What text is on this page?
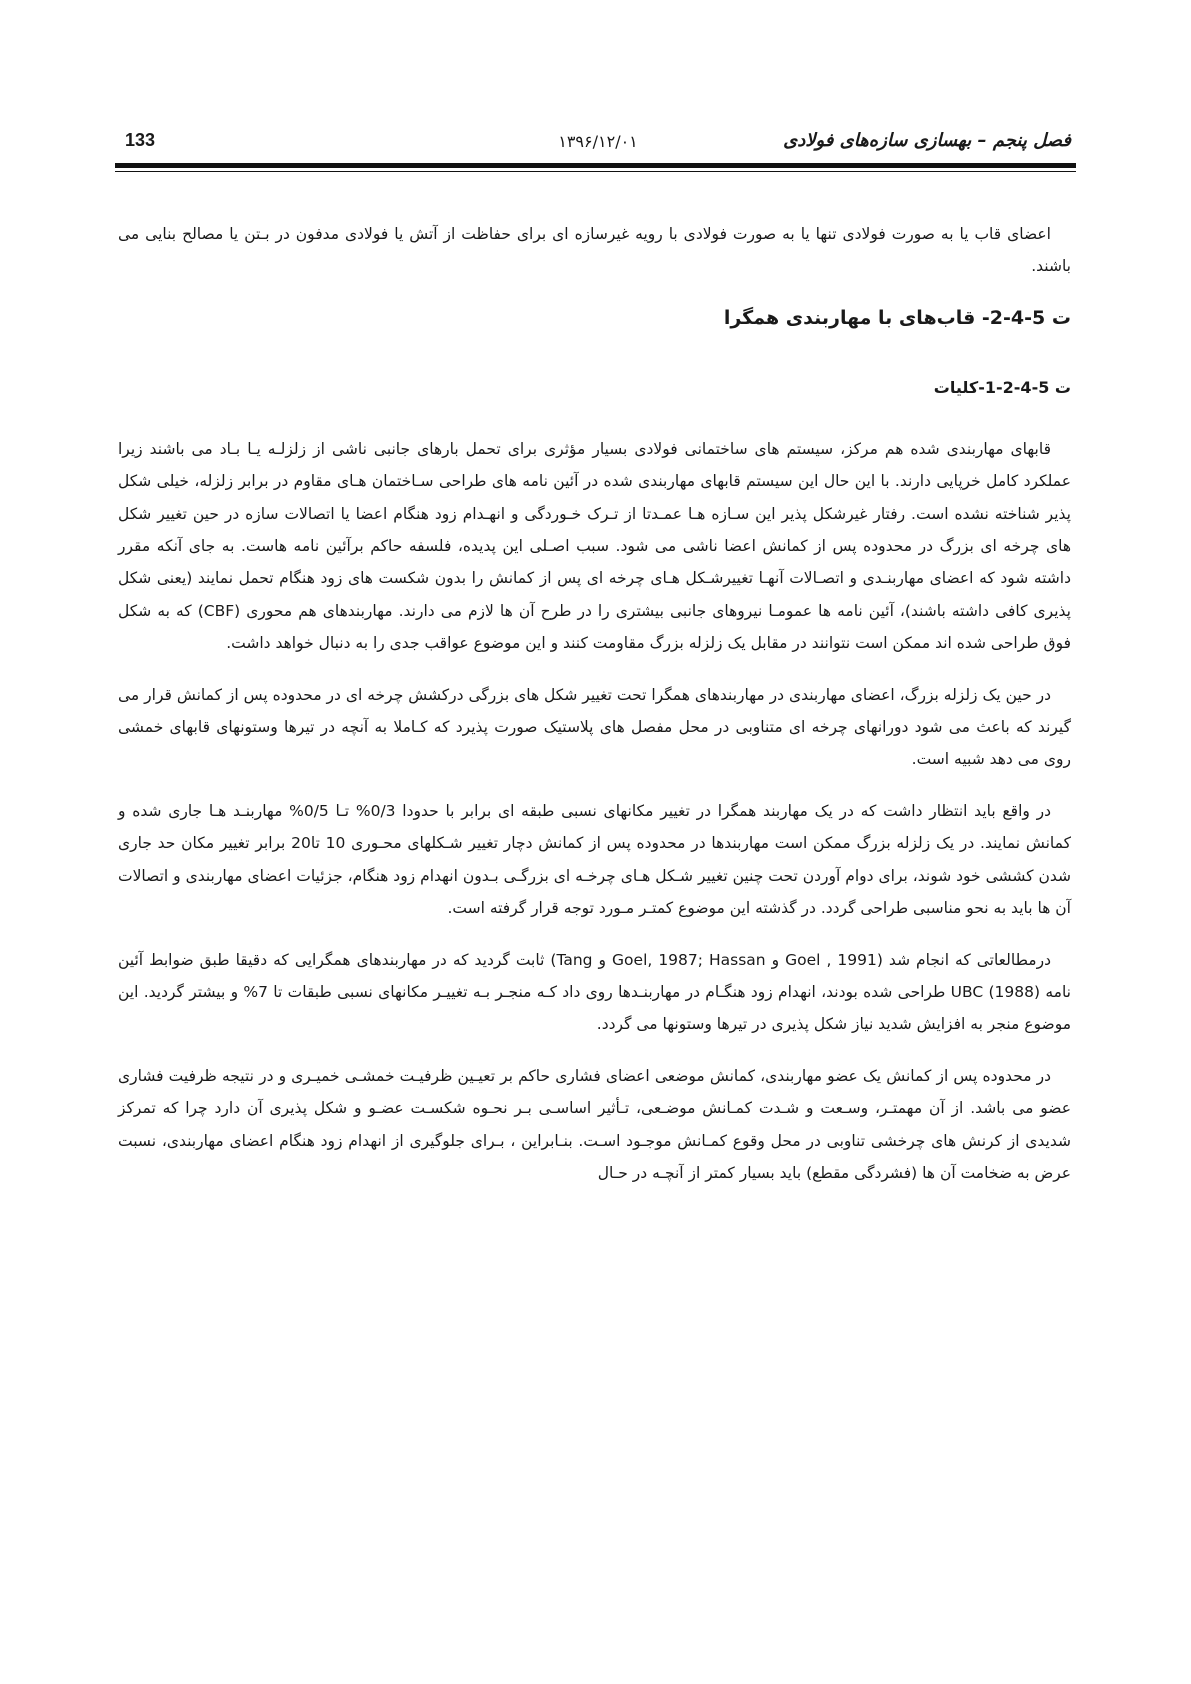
فصل پنجم – بهسازی سازه‌های فولادی
۱۳۹۶/۱۲/۰۱
133

اعضای قاب یا به صورت فولادی تنها یا به صورت فولادی با رویه غیرسازه ای برای حفاظت از آتش یا فولادی مدفون در بـتن یا مصالح بنایی می باشند.

ت 5-4-2- قاب‌های با مهاربندی همگرا
ت 5-4-2-1-کلیات

قابهای مهاربندی شده هم مرکز، سیستم های ساختمانی فولادی بسیار مؤثری برای تحمل بارهای جانبی ناشی از زلزلـه یـا بـاد می باشند زیرا عملکرد کامل خرپایی دارند. با این حال این سیستم قابهای مهاربندی شده در آئین نامه های طراحی سـاختمان هـای مقاوم در برابر زلزله، خیلی شکل پذیر شناخته نشده است. رفتار غیرشکل پذیر این سـازه هـا عمـدتا از تـرک خـوردگی و انهـدام زود هنگام اعضا یا اتصالات سازه در حین تغییر شکل های چرخه ای بزرگ در محدوده پس از کمانش اعضا ناشی می شود. سبب اصـلی این پدیده، فلسفه حاکم برآئین نامه هاست. به جای آنکه مقرر داشته شود که اعضای مهاربنـدی و اتصـالات آنهـا تغییرشـکل هـای چرخه ای پس از کمانش را بدون شکست های زود هنگام تحمل نمایند (یعنی شکل پذیری کافی داشته باشند)، آئین نامه ها عمومـا نیروهای جانبی بیشتری را در طرح آن ها لازم می دارند. مهاربندهای هم محوری (CBF) که به شکل فوق طراحی شده اند ممکن است نتوانند در مقابل یک زلزله بزرگ مقاومت کنند و این موضوع عواقب جدی را به دنبال خواهد داشت.

در حین یک زلزله بزرگ، اعضای مهاربندی در مهاربندهای همگرا تحت تغییر شکل های بزرگی درکشش چرخه ای در محدوده پس از کمانش قرار می گیرند که باعث می شود دورانهای چرخه ای متناوبی در محل مفصل های پلاستیک صورت پذیرد که کـاملا به آنچه در تیرها وستونهای قابهای خمشی روی می دهد شبیه است.

در واقع باید انتظار داشت که در یک مهاربند همگرا در تغییر مکانهای نسبی طبقه ای برابر با حدودا 0/3% تـا 0/5% مهاربنـد هـا جاری شده و کمانش نمایند. در یک زلزله بزرگ ممکن است مهاربندها در محدوده پس از کمانش دچار تغییر شـکلهای محـوری 10 تا20 برابر تغییر مکان حد جاری شدن کششی خود شوند، برای دوام آوردن تحت چنین تغییر شـکل هـای چرخـه ای بزرگـی بـدون انهدام زود هنگام، جزئیات اعضای مهاربندی و اتصالات آن ها باید به نحو مناسبی طراحی گردد. در گذشته این موضوع کمتـر مـورد توجه قرار گرفته است.

درمطالعاتی که انجام شد (Goel , 1991 و Goel, 1987; Hassan و Tang) ثابت گردید که در مهاربندهای همگرایی که دقیقا طبق ضوابط آئین نامه UBC (1988) طراحی شده بودند، انهدام زود هنگـام در مهاربنـدها روی داد کـه منجـر بـه تغییـر مکانهای نسبی طبقات تا 7% و بیشتر گردید. این موضوع منجر به افزایش شدید نیاز شکل پذیری در تیرها وستونها می گردد.

در محدوده پس از کمانش یک عضو مهاربندی، کمانش موضعی اعضای فشاری حاکم بر تعیـین ظرفیـت خمشـی خمیـری و در نتیجه ظرفیت فشاری عضو می باشد. از آن مهمتـر، وسـعت و شـدت کمـانش موضـعی، تـأثیر اساسـی بـر نحـوه شکسـت عضـو و شکل پذیری آن دارد چرا که تمرکز شدیدی از کرنش های چرخشی تناوبی در محل وقوع کمـانش موجـود اسـت. بنـابراین ، بـرای جلوگیری از انهدام زود هنگام اعضای مهاربندی، نسبت عرض به ضخامت آن ها (فشردگی مقطع) باید بسیار کمتر از آنچـه در حـال
